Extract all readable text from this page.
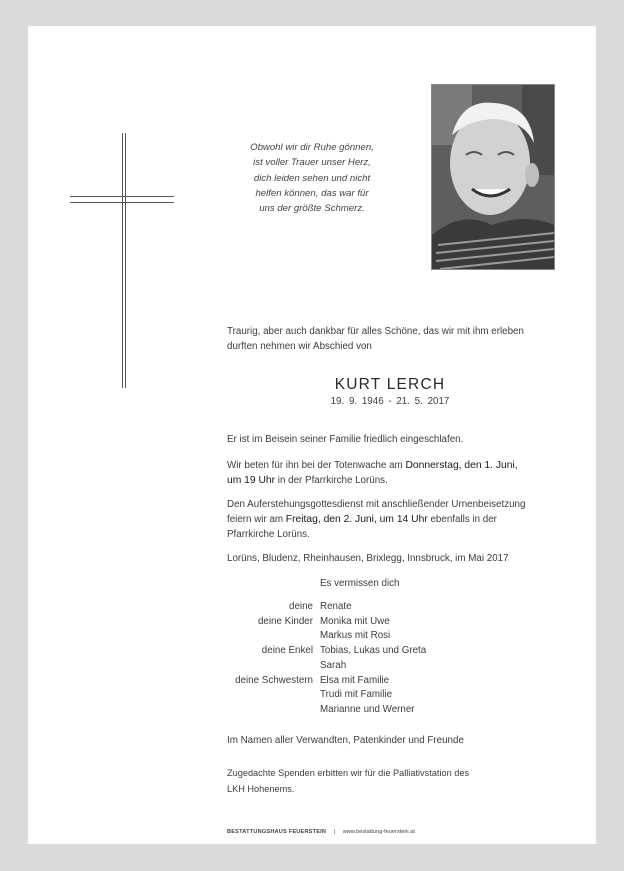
Obwohl wir dir Ruhe gönnen,
ist voller Trauer unser Herz,
dich leiden sehen und nicht
helfen können, das war für
uns der größte Schmerz.
Traurig, aber auch dankbar für alles Schöne, das wir mit ihm erleben
durften nehmen wir Abschied von
KURT LERCH
19. 9. 1946 - 21. 5. 2017
Er ist im Beisein seiner Familie friedlich eingeschlafen.
Wir beten für ihn bei der Totenwache am Donnerstag, den 1. Juni,
um 19 Uhr in der Pfarrkirche Lorüns.
Den Auferstehungsgottesdienst mit anschließender Urnenbeisetzung
feiern wir am Freitag, den 2. Juni, um 14 Uhr ebenfalls in der
Pfarrkirche Lorüns.
Lorüns, Bludenz, Rheinhausen, Brixlegg, Innsbruck, im Mai 2017
Es vermissen dich
deine Renate
deine Kinder Monika mit Uwe
Markus mit Rosi
deine Enkel Tobias, Lukas und Greta
Sarah
deine Schwestern Elsa mit Familie
Trudi mit Familie
Marianne und Werner
Im Namen aller Verwandten, Patenkinder und Freunde
Zugedachte Spenden erbitten wir für die Palliativstation des
LKH Hohenems.
BESTATTUNGSHAUS FEUERSTEIN | www.bestattung-feuerstein.at
